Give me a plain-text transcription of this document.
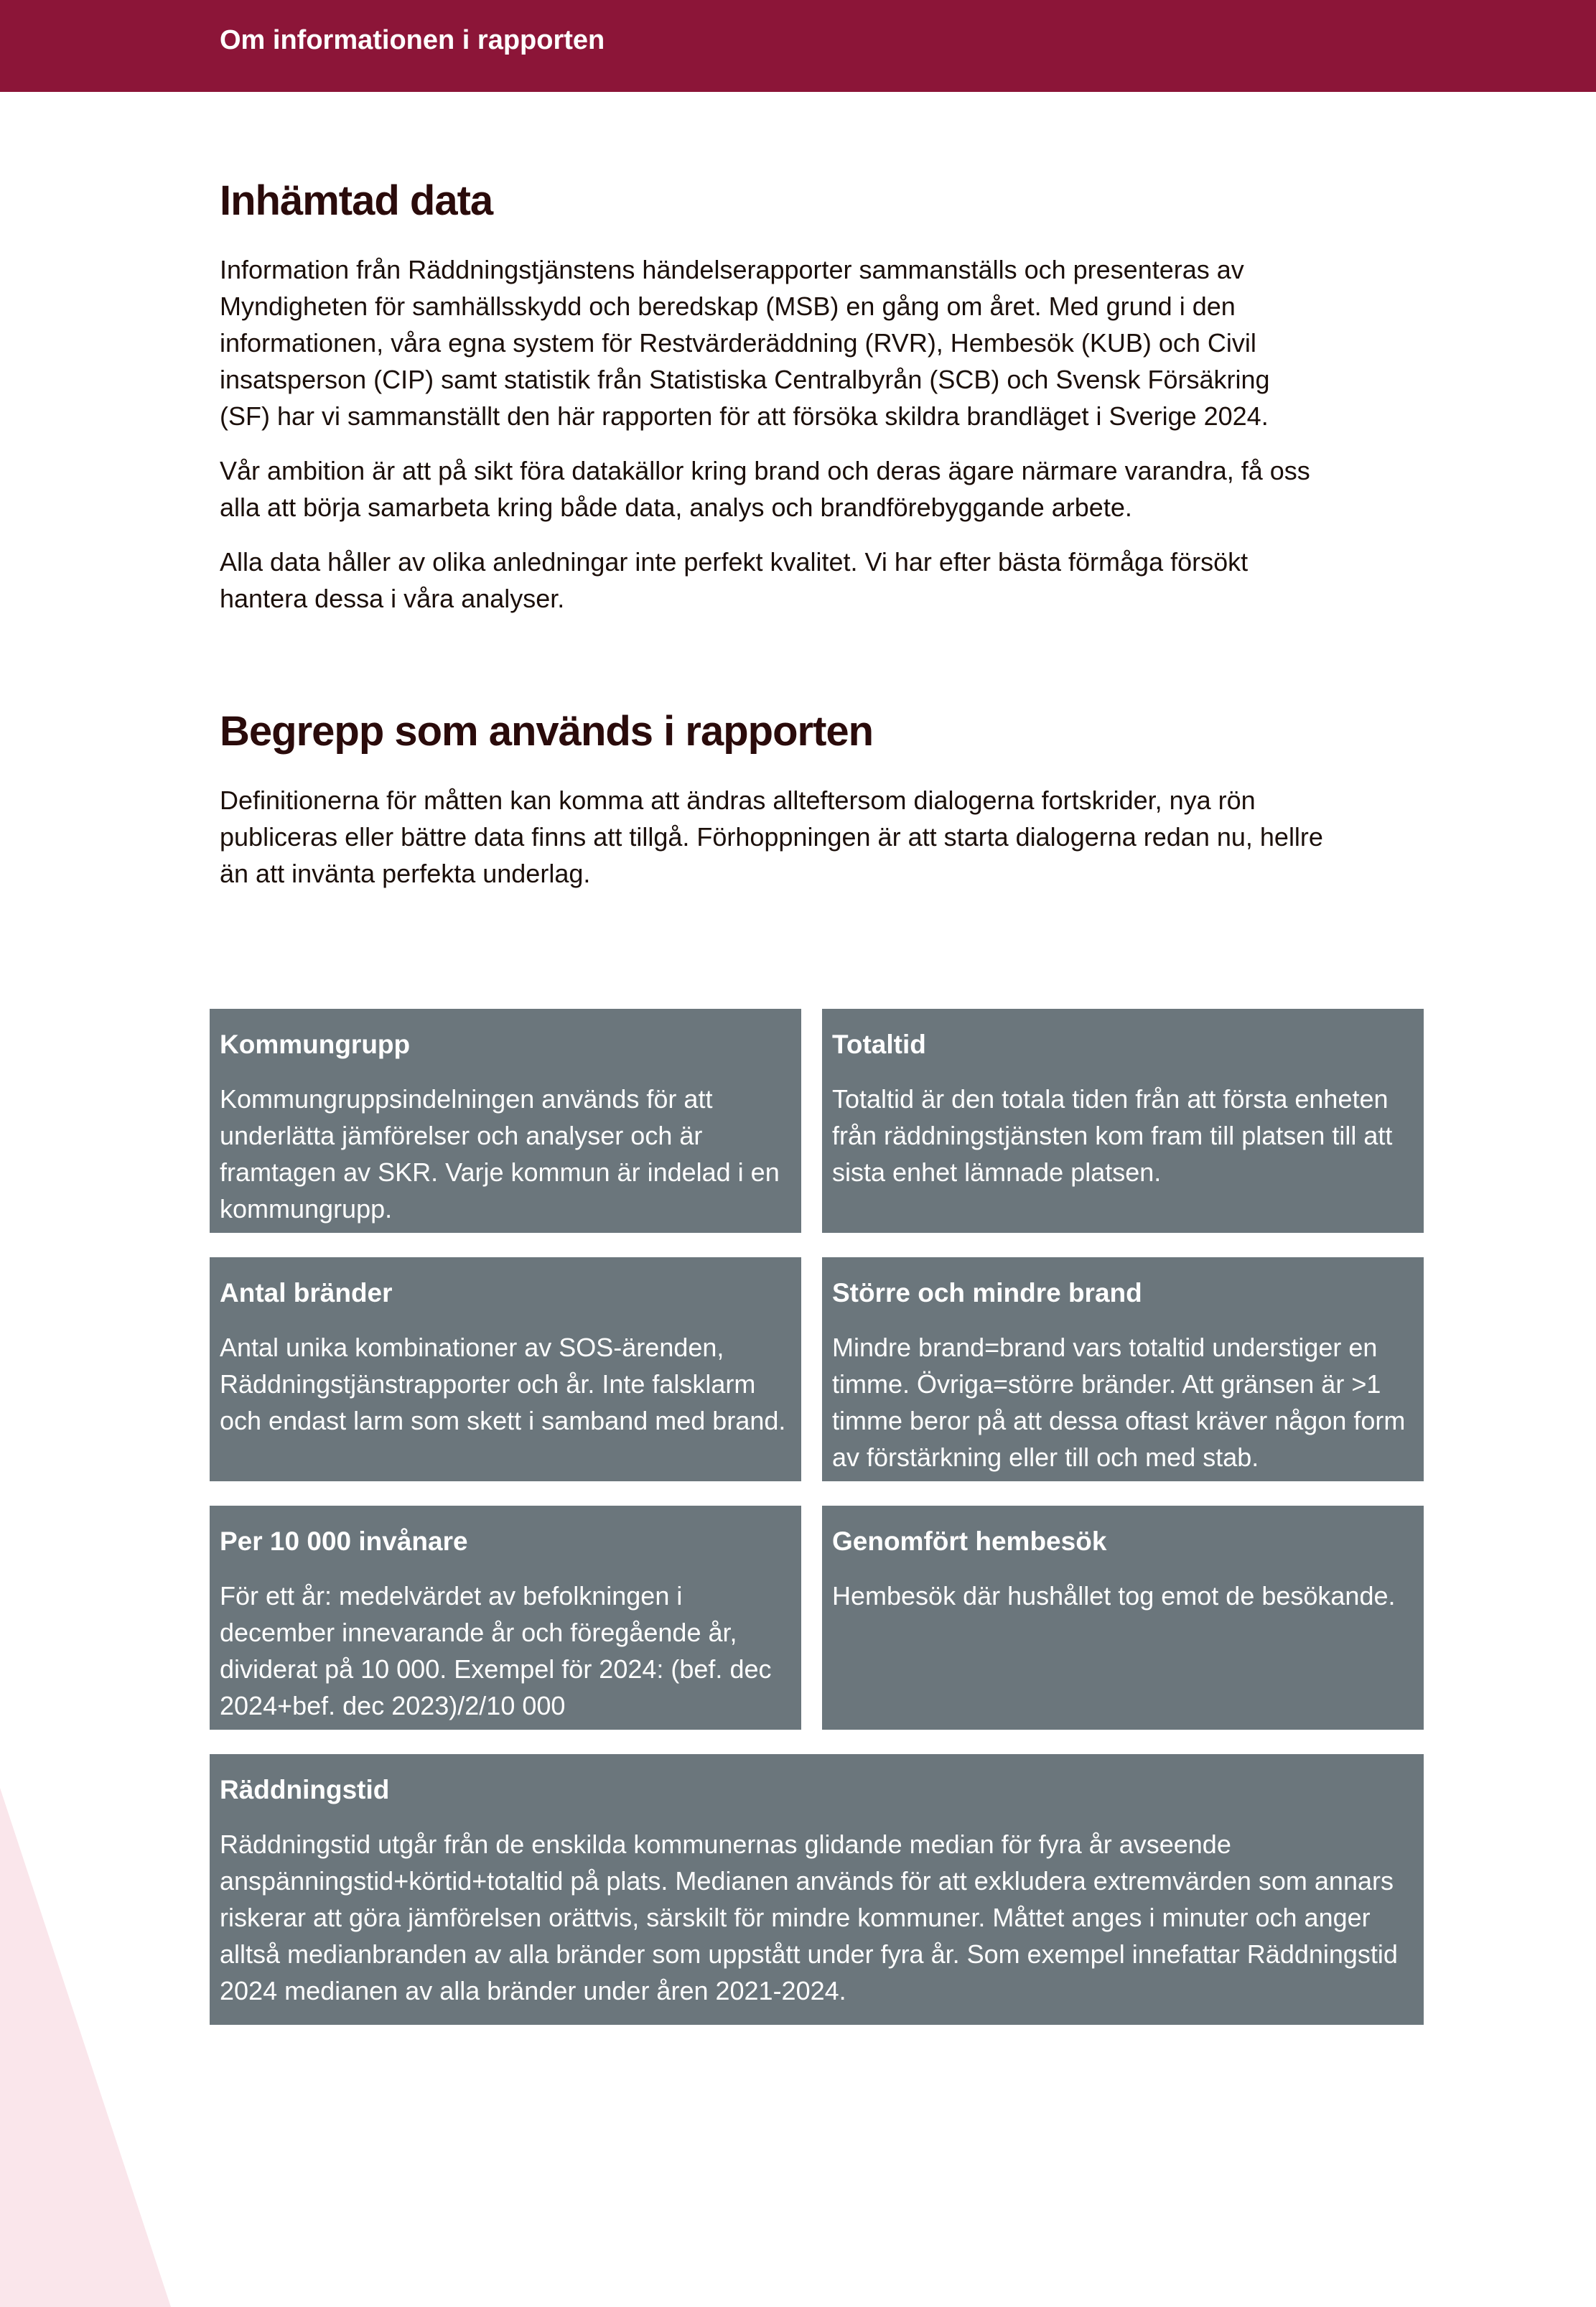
Om informationen i rapporten
Inhämtad data

Information från Räddningstjänstens händelserapporter sammanställs och presenteras av Myndigheten för samhällsskydd och beredskap (MSB) en gång om året. Med grund i den informationen, våra egna system för Restvärderäddning (RVR), Hembesök (KUB) och Civil insatsperson (CIP) samt statistik från Statistiska Centralbyrån (SCB) och Svensk Försäkring (SF) har vi sammanställt den här rapporten för att försöka skildra brandläget i Sverige 2024.

Vår ambition är att på sikt föra datakällor kring brand och deras ägare närmare varandra, få oss alla att börja samarbeta kring både data, analys och brandförebyggande arbete.

Alla data håller av olika anledningar inte perfekt kvalitet. Vi har efter bästa förmåga försökt hantera dessa i våra analyser.

Begrepp som används i rapporten

Definitionerna för måtten kan komma att ändras allteftersom dialogerna fortskrider, nya rön publiceras eller bättre data finns att tillgå. Förhoppningen är att starta dialogerna redan nu, hellre än att invänta perfekta underlag.

Kommungrupp

Kommungruppsindelningen används för att underlätta jämförelser och analyser och är framtagen av SKR. Varje kommun är indelad i en kommungrupp.

Totaltid

Totaltid är den totala tiden från att första enheten från räddningstjänsten kom fram till platsen till att sista enhet lämnade platsen.

Antal bränder

Antal unika kombinationer av SOS-ärenden, Räddningstjänstrapporter och år. Inte falsklarm och endast larm som skett i samband med brand.

Större och mindre brand

Mindre brand=brand vars totaltid understiger en timme. Övriga=större bränder. Att gränsen är >1 timme beror på att dessa oftast kräver någon form av förstärkning eller till och med stab.

Per 10 000 invånare

För ett år: medelvärdet av befolkningen i december innevarande år och föregående år, dividerat på 10 000. Exempel för 2024: (bef. dec 2024+bef. dec 2023)/2/10 000

Genomfört hembesök

Hembesök där hushållet tog emot de besökande.

Räddningstid

Räddningstid utgår från de enskilda kommunernas glidande median för fyra år avseende anspänningstid+körtid+totaltid på plats. Medianen används för att exkludera extremvärden som annars riskerar att göra jämförelsen orättvis, särskilt för mindre kommuner. Måttet anges i minuter och anger alltså medianbranden av alla bränder som uppstått under fyra år. Som exempel innefattar Räddningstid 2024 medianen av alla bränder under åren 2021-2024.
